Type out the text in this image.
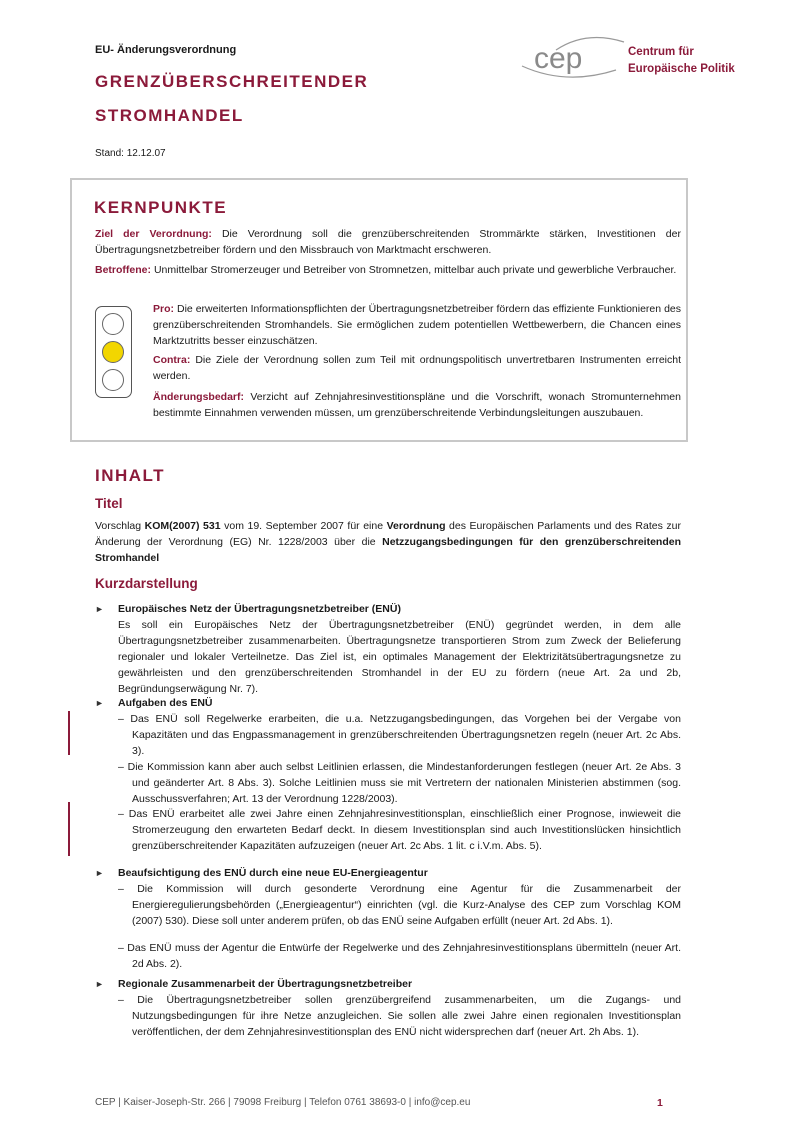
EU- Änderungsverordnung
GRENZÜBERSCHREITENDER
STROMHANDEL
Stand: 12.12.07
cep	Centrum für
Europäische Politik
KERNPUNKTE
Ziel der Verordnung: Die Verordnung soll die grenzüberschreitenden Strommärkte stärken, Investitionen der Übertragungsnetzbetreiber fördern und den Missbrauch von Marktmacht erschweren.
Betroffene: Unmittelbar Stromerzeuger und Betreiber von Stromnetzen, mittelbar auch private und gewerbliche Verbraucher.
Pro: Die erweiterten Informationspflichten der Übertragungsnetzbetreiber fördern das effiziente Funktionieren des grenzüberschreitenden Stromhandels. Sie ermöglichen zudem potentiellen Wettbewerbern, die Chancen eines Marktzutritts besser einzuschätzen.
Contra: Die Ziele der Verordnung sollen zum Teil mit ordnungspolitisch unvertretbaren Instrumenten erreicht werden.
Änderungsbedarf: Verzicht auf Zehnjahresinvestitionspläne und die Vorschrift, wonach Stromunternehmen bestimmte Einnahmen verwenden müssen, um grenzüberschreitende Verbindungsleitungen auszubauen.
INHALT
Titel
Vorschlag KOM(2007) 531 vom 19. September 2007 für eine Verordnung des Europäischen Parlaments und des Rates zur Änderung der Verordnung (EG) Nr. 1228/2003 über die Netzzugangsbedingungen für den grenzüberschreitenden Stromhandel
Kurzdarstellung
► Europäisches Netz der Übertragungsnetzbetreiber (ENÜ)
Es soll ein Europäisches Netz der Übertragungsnetzbetreiber (ENÜ) gegründet werden, in dem alle Übertragungsnetzbetreiber zusammenarbeiten. Übertragungsnetze transportieren Strom zum Zweck der Belieferung regionaler und lokaler Verteilnetze. Das Ziel ist, ein optimales Management der Elektrizitätsübertragungsnetze zu gewährleisten und den grenzüberschreitenden Stromhandel in der EU zu fördern (neue Art. 2a und 2b, Begründungserwägung Nr. 7).
► Aufgaben des ENÜ
– Das ENÜ soll Regelwerke erarbeiten, die u.a. Netzzugangsbedingungen, das Vorgehen bei der Vergabe von Kapazitäten und das Engpassmanagement in grenzüberschreitenden Übertragungsnetzen regeln (neuer Art. 2c Abs. 3).
– Die Kommission kann aber auch selbst Leitlinien erlassen, die Mindestanforderungen festlegen (neuer Art. 2e Abs. 3 und geänderter Art. 8 Abs. 3). Solche Leitlinien muss sie mit Vertretern der nationalen Ministerien abstimmen (sog. Ausschussverfahren; Art. 13 der Verordnung 1228/2003).
– Das ENÜ erarbeitet alle zwei Jahre einen Zehnjahresinvestitionsplan, einschließlich einer Prognose, inwieweit die Stromerzeugung den erwarteten Bedarf deckt. In diesem Investitionsplan sind auch Investitionslücken hinsichtlich grenzüberschreitender Kapazitäten aufzuzeigen (neuer Art. 2c Abs. 1 lit. c i.V.m. Abs. 5).
► Beaufsichtigung des ENÜ durch eine neue EU-Energieagentur
– Die Kommission will durch gesonderte Verordnung eine Agentur für die Zusammenarbeit der Energieregulierungsbehörden („Energieagentur“) einrichten (vgl. die Kurz-Analyse des CEP zum Vorschlag KOM (2007) 530). Diese soll unter anderem prüfen, ob das ENÜ seine Aufgaben erfüllt (neuer Art. 2d Abs. 1).
– Das ENÜ muss der Agentur die Entwürfe der Regelwerke und des Zehnjahresinvestitionsplans übermitteln (neuer Art. 2d Abs. 2).
► Regionale Zusammenarbeit der Übertragungsnetzbetreiber
– Die Übertragungsnetzbetreiber sollen grenzübergreifend zusammenarbeiten, um die Zugangs- und Nutzungsbedingungen für ihre Netze anzugleichen. Sie sollen alle zwei Jahre einen regionalen Investitionsplan veröffentlichen, der dem Zehnjahresinvestitionsplan des ENÜ nicht widersprechen darf (neuer Art. 2h Abs. 1).
CEP | Kaiser-Joseph-Str. 266 | 79098 Freiburg | Telefon 0761 38693-0 | info@cep.eu	1
